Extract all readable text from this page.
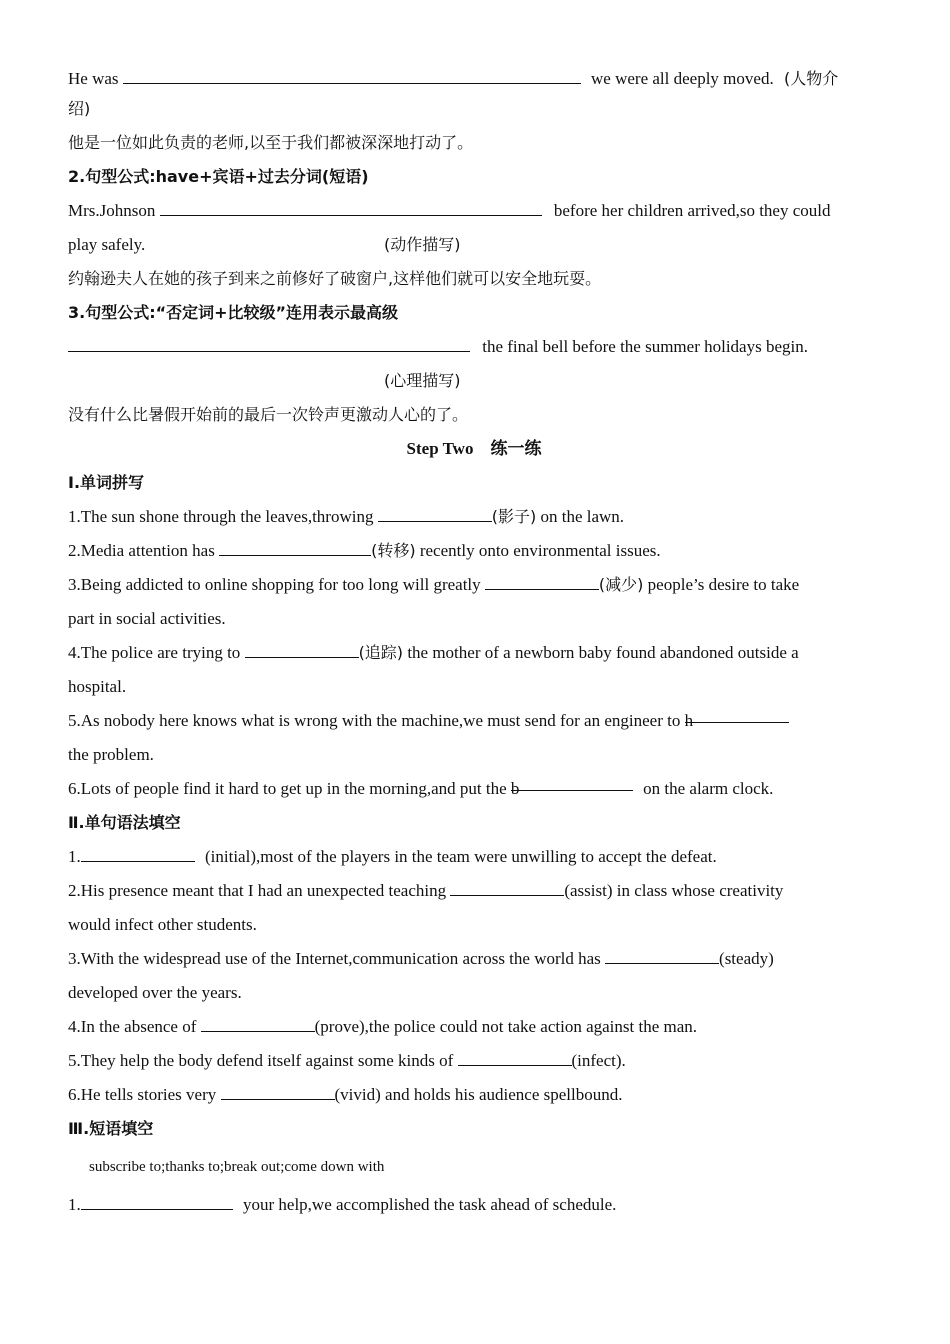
He was	we were all deeply moved. (人物介
绍)
他是一位如此负责的老师,以至于我们都被深深地打动了。
2.句型公式:have+宾语+过去分词(短语)
Mrs.Johnson	before her children arrived,so they could
play safely.	(动作描写)
约翰逊夫人在她的孩子到来之前修好了破窗户,这样他们就可以安全地玩耍。
3.句型公式:“否定词+比较级”连用表示最高级
the final bell before the summer holidays begin.
(心理描写)
没有什么比暑假开始前的最后一次铃声更激动人心的了。
Step Two　练一练
Ⅰ.单词拼写
1.The sun shone through the leaves,throwing	(影子) on the lawn.
2.Media attention has	(转移) recently onto environmental issues.
3.Being addicted to online shopping for too long will greatly	(减少) people’s desire to take
part in social activities.
4.The police are trying to	(追踪) the mother of a newborn baby found abandoned outside a
hospital.
5.As nobody here knows what is wrong with the machine,we must send for an engineer to h
the problem.
6.Lots of people find it hard to get up in the morning,and put the b	on the alarm clock.
Ⅱ.单句语法填空
1.	(initial),most of the players in the team were unwilling to accept the defeat.
2.His presence meant that I had an unexpected teaching	(assist) in class whose creativity
would infect other students.
3.With the widespread use of the Internet,communication across the world has	(steady)
developed over the years.
4.In the absence of	(prove),the police could not take action against the man.
5.They help the body defend itself against some kinds of	(infect).
6.He tells stories very	(vivid) and holds his audience spellbound.
Ⅲ.短语填空
subscribe to;thanks to;break out;come down with
1.	your help,we accomplished the task ahead of schedule.
